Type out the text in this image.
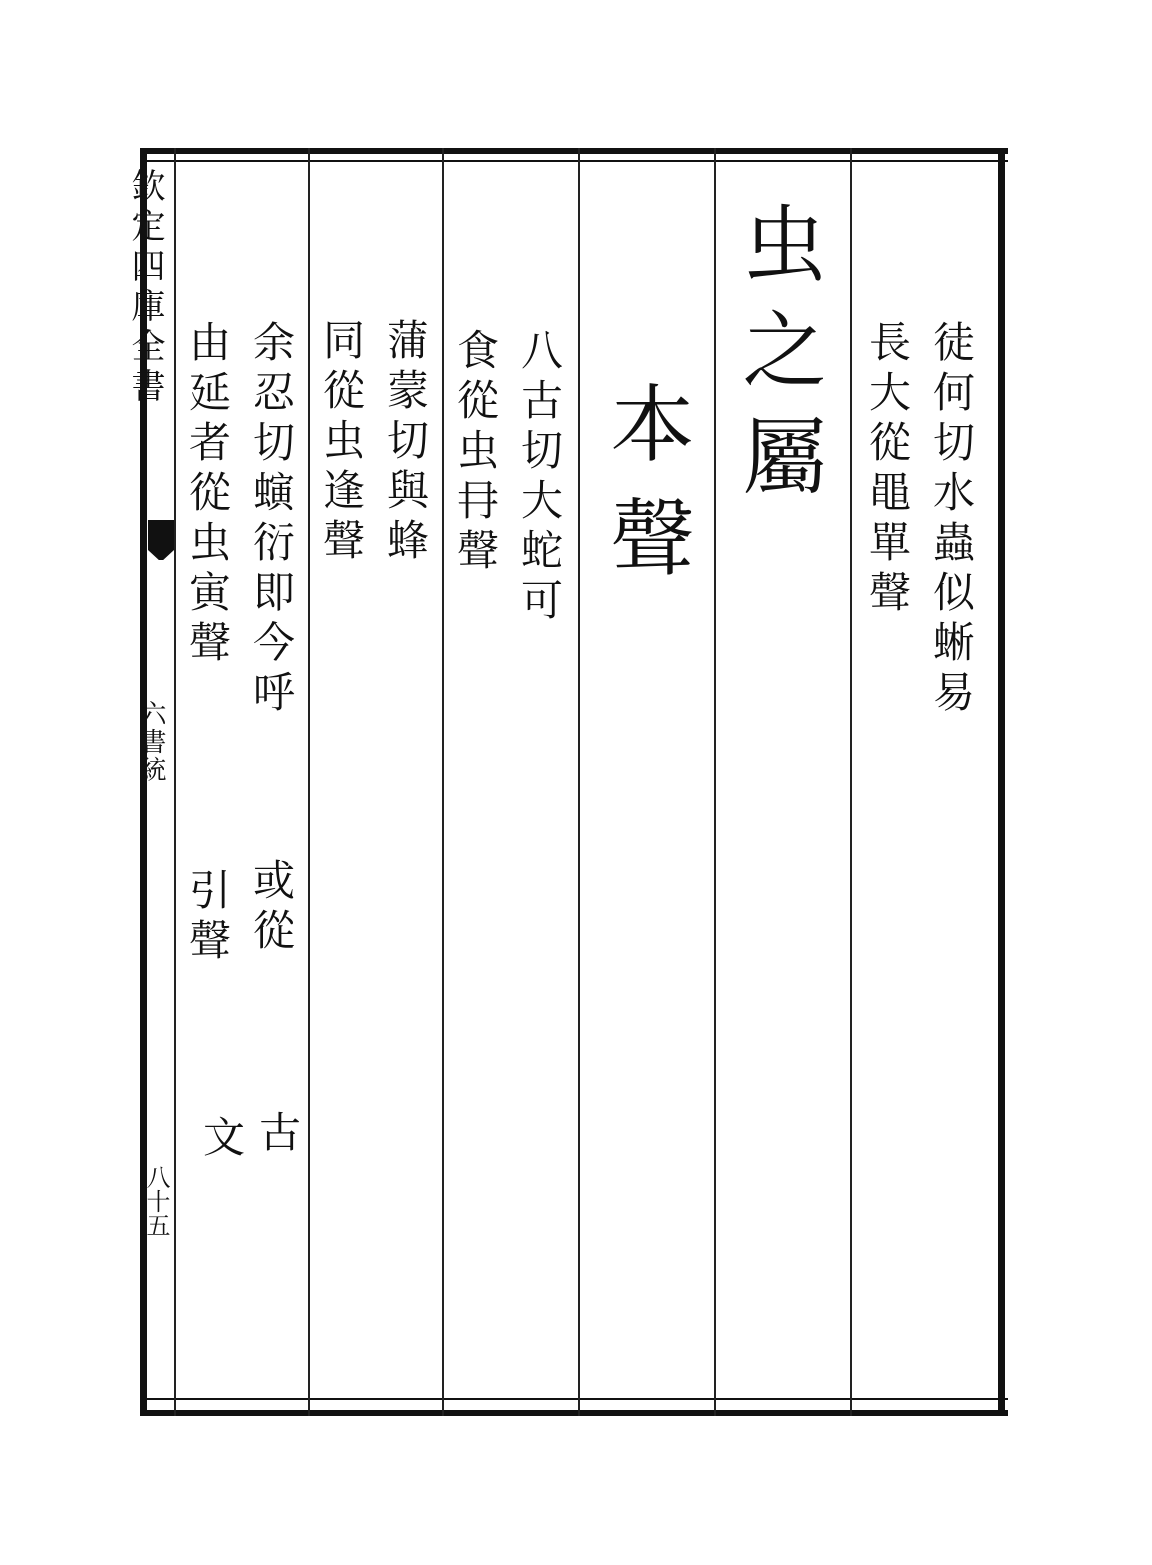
欽定四庫全書
六書統
八十五
徒何切水蟲似蜥易
長大從黽單聲
虫之屬
本聲
八古切大蛇可
食從虫冄聲
蒲蒙切與蜂
同從虫逢聲
余忍切螾衍即今呼
由延者從虫寅聲
或從
引聲
古
文
